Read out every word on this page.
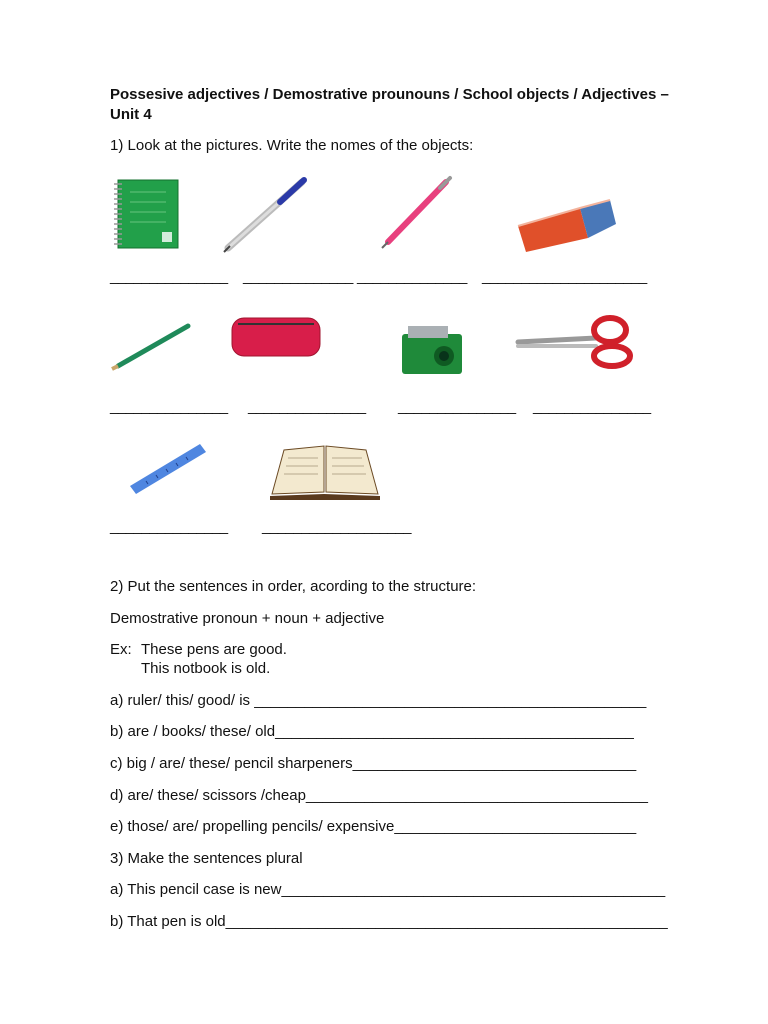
Possesive adjectives / Demostrative prounouns / School objects / Adjectives – Unit 4
1) Look at the pictures. Write the nomes of the objects:
_______________ ______________ ______________ _____________________
_______________ _______________ _______________ _______________
_______________ ___________________
2) Put the sentences in order, acording to the structure:
Demostrative pronoun + noun + adjective
Ex: These pens are good.
This notbook is old.
a) ruler/ this/ good/ is _______________________________________________
b) are / books/ these/ old___________________________________________
c) big / are/ these/ pencil sharpeners__________________________________
d) are/ these/ scissors /cheap_________________________________________
e) those/ are/ propelling pencils/ expensive_____________________________
3) Make the sentences plural
a) This pencil case is new______________________________________________
b) That pen is old_____________________________________________________
